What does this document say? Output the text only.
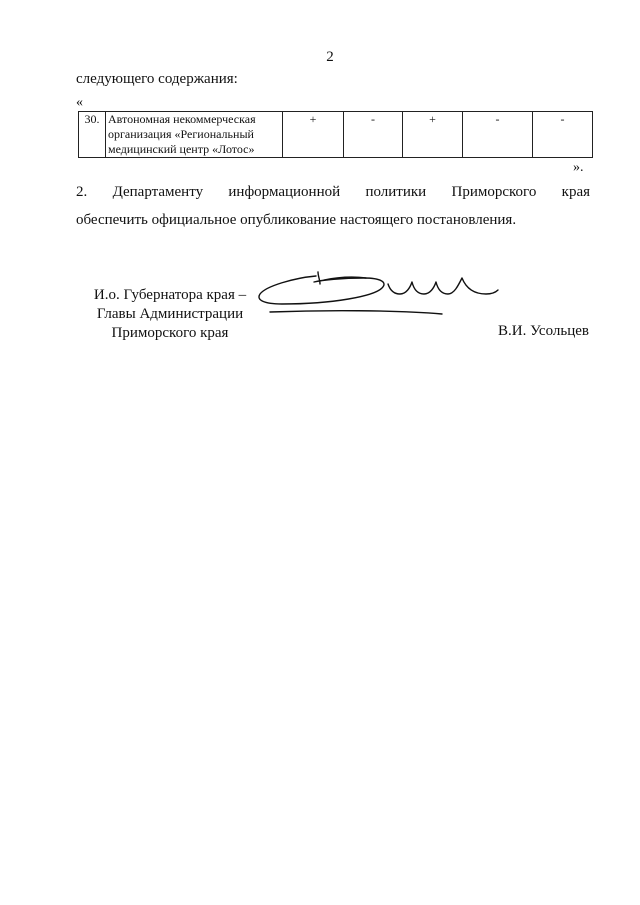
2
следующего содержания:
«
30.	Автономная некоммерческая организация «Региональный медицинский центр «Лотос»	+	-	+	-	-
».
2. Департаменту информационной политики Приморского края
обеспечить официальное опубликование настоящего постановления.
И.о. Губернатора края –
Главы Администрации
Приморского края	В.И. Усольцев
